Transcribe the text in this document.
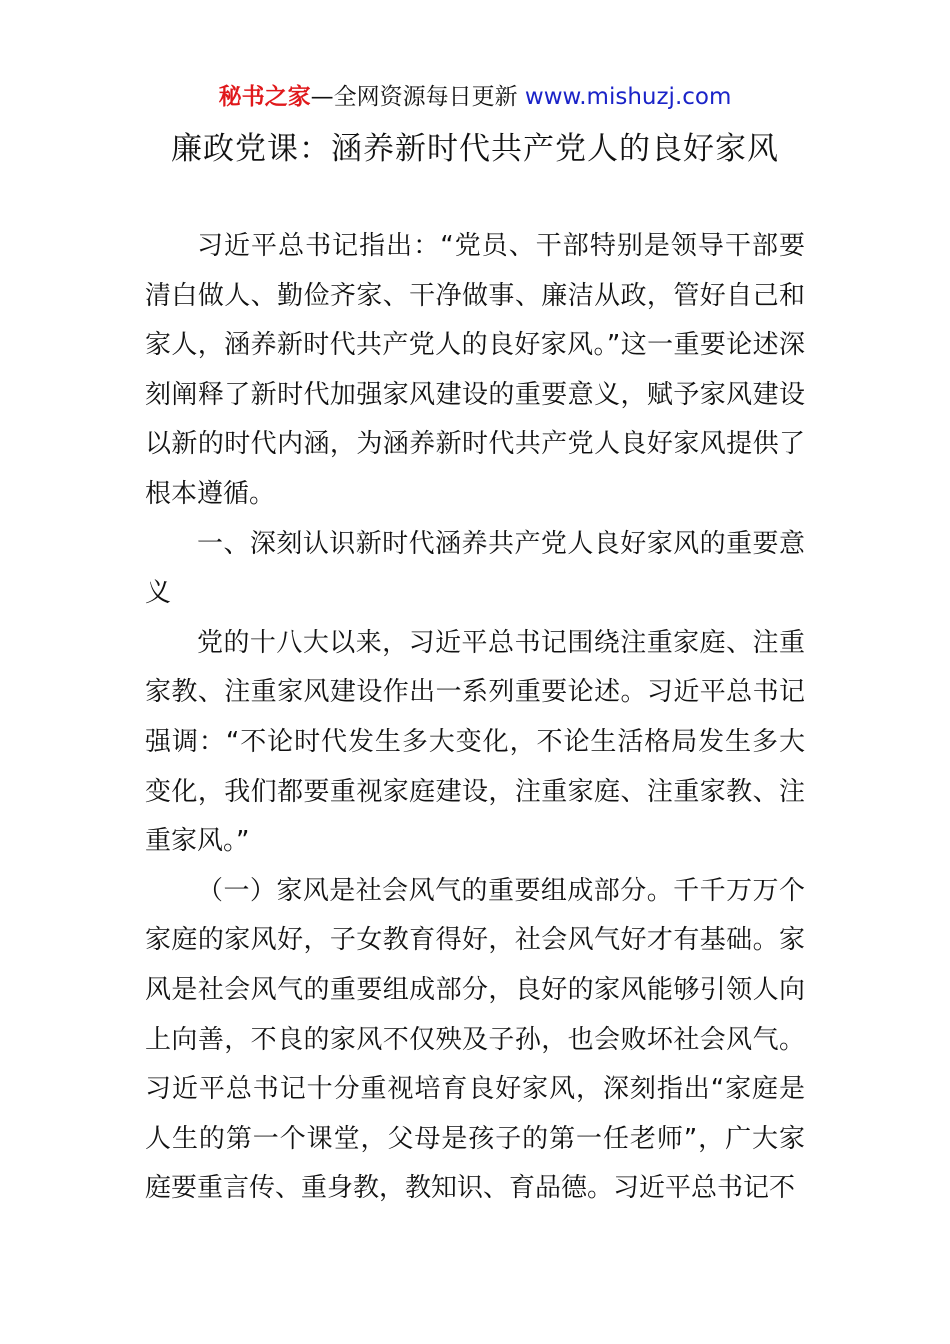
秘书之家—全网资源每日更新 www.mishuzj.com
廉政党课：涵养新时代共产党人的良好家风

习近平总书记指出：“党员、干部特别是领导干部要清白做人、勤俭齐家、干净做事、廉洁从政，管好自己和家人，涵养新时代共产党人的良好家风。”这一重要论述深刻阐释了新时代加强家风建设的重要意义，赋予家风建设以新的时代内涵，为涵养新时代共产党人良好家风提供了根本遵循。

一、深刻认识新时代涵养共产党人良好家风的重要意义

党的十八大以来，习近平总书记围绕注重家庭、注重家教、注重家风建设作出一系列重要论述。习近平总书记强调：“不论时代发生多大变化，不论生活格局发生多大变化，我们都要重视家庭建设，注重家庭、注重家教、注重家风。”

（一）家风是社会风气的重要组成部分。千千万万个家庭的家风好，子女教育得好，社会风气好才有基础。家风是社会风气的重要组成部分，良好的家风能够引领人向上向善，不良的家风不仅殃及子孙，也会败坏社会风气。习近平总书记十分重视培育良好家风，深刻指出“家庭是人生的第一个课堂，父母是孩子的第一任老师”，广大家庭要重言传、重身教，教知识、育品德。习近平总书记不
